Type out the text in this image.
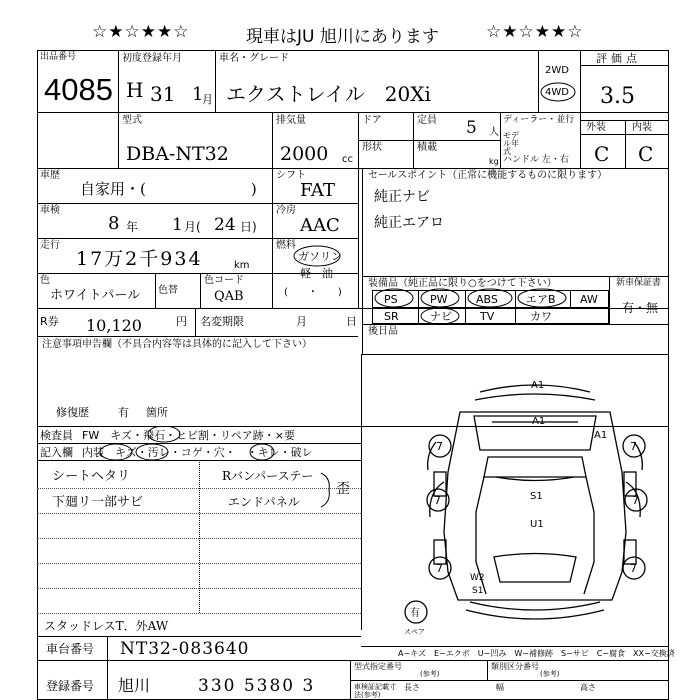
☆★☆★★☆	現車はJU 旭川にあります	☆★☆★★☆
出品番号
4085
初度登録年月
H 31 1
月
車名・グレード
エクストレイル　20Xi
2WD
4WD
評価点
3.5
外装	内装
C C
型式
DBA-NT32
排気量
2000 cc
ドア	定員 5 人
ディーラー・並行
モデル年式
ハンドル 左・右
形状	積載
kg
車歴
自家用・(　　　　　　　)
シフト
FAT
車検
8 年 1 月( 24 日)
冷房
AAC
走行
17万2千934	km
燃料
ガソリン
軽　油
(　　・　　)
色
ホワイトパール 色替
色コード
QAB
R券 10,120	円 名変期限	月	日
注意事項申告欄（不具合内容等は具体的に記入して下さい）
修復歴	有 箇所
セールスポイント（正常に機能するものに限ります）
純正ナビ
純正エアロ
装備品（純正品に限り○をつけて下さい）	新車保証書
有・無
PS	PW	ABS	エアB AW
SR	ナビ	TV	カワ
後日品
検査員 FW　キズ・飛石・ヒビ割・リペア跡・×要
記入欄 内装　キズ・汚レ・コゲ・穴・　・キレ・破レ
シートヘタリ
下廻リ一部サビ
Rバンパーステー
エンドパネル
歪
スタッドレスT．外AW
A1
A1
A1
S1
U1
W2
S1
7	7
7	7
7	7
有
スペア
A−キズ　E−エクボ　U−凹み　W−補修跡　S−サビ　C−腐食　XX−交換済
車台番号 NT32-083640
登録番号 旭川	330 5380 3
型式指定番号
(参考)
類別区分番号
(参考)
車検証記載寸法(参考)
長さ	幅	高さ
